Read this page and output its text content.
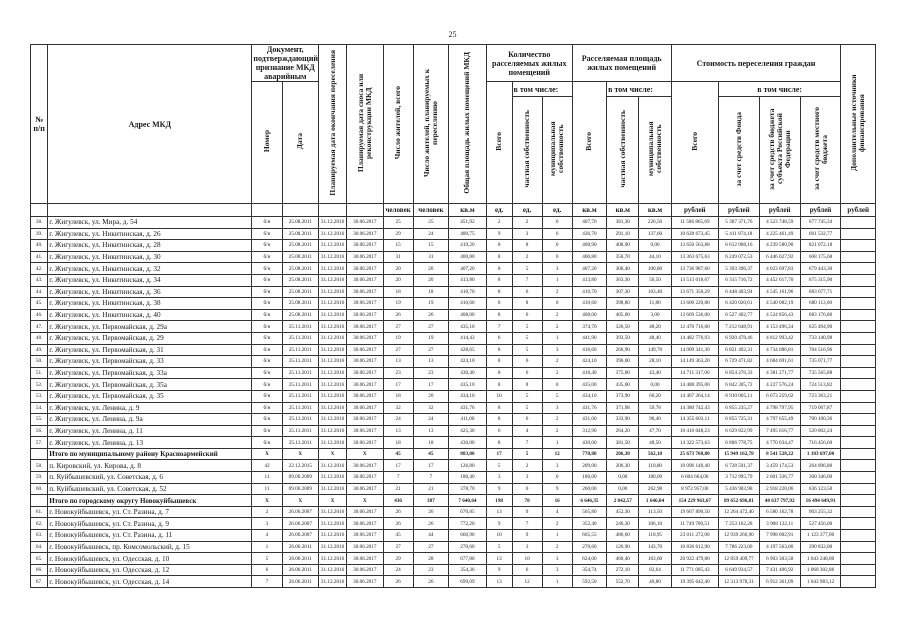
25
№ п/п	Адрес МКД	Документ, подтверждающий признание МКД аварийным		Планируемая дата окончания переселения	Планируемая дата сноса или реконструкции МКД	Число жителей, всего	Число жителей, планируемых к переселению	Общая площадь жилых помещений МКД	Количество расселяемых жилых помещений			Расселяемая площадь жилых помещений			Стоимость переселения граждан				Дополнительные источники финансирования
		Номер	Дата						Всего	в том числе:		Всего	в том числе:		Всего	в том числе:			
										частная собственность	муниципальная собственность		частная собственность	муниципальная собственность		за счет средств Фонда	за счет средств бюджета субъекта Российской Федерации	за счет средств местного бюджета	
						человек	человек	кв.м	ед.	ед.	ед.	кв.м	кв.м	кв.м	рублей	рублей	рублей	рублей	рублей
38.	г. Жигулевск, ул. Мира, д. 54	б/н	25.08.2011	31.12.2016	30.06.2017	25	25	451,92	2	2	0	407,70	381,30	226,50	11 586 865,69	5 387 371,76	4 523 748,59	677 745,34	
39.	г. Жигулевск, ул. Никитинская, д. 26	б/н	25.08.2011	31.12.2016	30.06.2017	29	24	480,75	9	3	6	436,70	291,10	137,60	10 628 673,45	5 411 874,18	4 225 461,49	601 532,77	
40.	г. Жигулевск, ул. Никитинская, д. 28	б/н	25.08.2011	31.12.2016	30.06.2017	15	15	419,20	8	8	0	408,90	408,90	0,00	13 650 563,88	6 612 908,16	4 239 580,90	821 072,18	
41.	г. Жигулевск, ул. Никитинская, д. 30	б/н	25.08.2011	31.12.2016	30.06.2017	31	31	400,80	8	2	6	400,80	356,70	44,10	13 363 675,63	6 249 072,53	6 446 027,92	668 175,68	
42.	г. Жигулевск, ул. Никитинская, д. 32	б/н	25.08.2011	31.12.2016	30.06.2017	20	20	407,20	8	5	3	407,20	306,40	100,80	13 736 987,60	5 393 396,37	4 023 697,83	679 443,30	
43.	г. Жигулевск, ул. Никитинская, д. 34	б/н	25.08.2011	31.12.2016	30.06.2017	20	20	413,80	8	7	1	413,80	363,30	50,50	13 513 018,67	6 315 716,72	4 452 617,70	675 315,90	
44.	г. Жигулевск, ул. Никитинская, д. 36	б/н	25.08.2011	31.12.2016	30.06.2017	18	18	410,70	8	6	2	410,70	307,30	103,40	13 671 356,29	6 448 403,94	4 545 161,96	683 677,71	
45.	г. Жигулевск, ул. Никитинская, д. 38	б/н	25.08.2011	31.12.2016	30.06.2017	19	19	410,60	8	8	0	410,60	398,80	11,80	13 600 220,80	6 420 020,61	4 540 082,19	680 113,60	
46.	г. Жигулевск, ул. Никитинская, д. 40	б/н	25.08.2011	31.12.2016	30.06.2017	26	26	408,00	8	6	2	408,00	405,00	3,00	13 669 536,00	6 527 402,77	4 524 856,43	683 176,80	
47.	г. Жигулевск, ул. Первомайская, д. 29а	б/н	25.11.2011	31.12.2016	30.06.2017	27	27	435,10	7	5	2	374,70	326,50	48,20	12 470 716,00	7 212 648,91	4 153 496,24	625 494,90	
48.	г. Жигулевск, ул. Первомайская, д. 29	б/н	25.11.2011	31.12.2016	30.06.2017	19	19	414,43	6	5	1	441,90	393,50	48,40	14 482 776,93	6 920 478,46	4 812 993,42	733 140,98	
49.	г. Жигулевск, ул. Первомайская, д. 31	б/н	25.11.2011	31.12.2016	30.06.2017	27	27	428,65	8	5	3	416,60	266,90	149,70	14 009 341,30	6 821 492,31	4 734 086,81	704 516,96	
50.	г. Жигулевск, ул. Первомайская, д. 33	б/н	25.11.2011	31.12.2016	30.06.2017	13	13	424,10	8	6	2	424,10	396,00	28,10	14 149 363,20	6 729 471,82	4 684 691,61	735 071,77	
51.	г. Жигулевск, ул. Первомайская, д. 33а	б/н	25.11.2011	31.12.2016	30.06.2017	23	23	430,40	8	6	2	418,40	375,00	43,40	14 711 317,00	6 854 276,33	4 381 271,77	735 565,88	
52.	г. Жигулевск, ул. Первомайская, д. 35а	б/н	25.11.2011	31.12.2016	30.06.2017	17	17	435,10	8	8	0	435,00	435,00	0,00	14 488 395,00	6 842 305,72	4 227 576,24	724 513,82	
53.	г. Жигулевск, ул. Первомайская, д. 35	б/н	25.11.2011	31.12.2016	30.06.2017	18	20	434,10	10	5	5	434,10	373,90	60,20	14 467 264,14	6 910 005,11	6 673 259,62	723 363,21	
54.	г. Жигулевск, ул. Ленина, д. 9	б/н	25.11.2011	31.12.2016	30.06.2017	32	32	431,76	8	5	3	431,76	371,98	59,78	14 380 742,43	6 855 235,27	4 798 797,95	719 067,87	
55.	г. Жигулевск, ул. Ленина, д. 9а	б/н	25.11.2011	31.12.2016	30.06.2017	24	24	411,00	8	6	2	431,00	333,90	96,40	14 355 603,11	6 855 725,31	4 797 655,49	700 100,36	
56.	г. Жигулевск, ул. Ленина, д. 11	б/н	25.11.2011	31.12.2016	30.06.2017	13	13	425,30	6	4	2	312,90	264,20	47,70	10 416 048,23	6 629 822,99	7 495 616,77	520 802,24	
57.	г. Жигулевск, ул. Ленина, д. 13	б/н	25.11.2011	31.12.2016	30.06.2017	18	18	430,00	8	7	1	430,00	381,50	48,50	14 322 573,63	6 806 778,75	4 770 034,47	716 456,60	
	Итого по муниципальному району Красноармейский	X	X	X	X	45	45	883,00	17	5	12	770,80	206,30	562,10	25 673 760,80	15 949 162,78	8 541 528,22	1 183 697,00	
58.	п. Кировский, ул. Кирова, д. 8	42	22.12.2015	31.12.2016	30.06.2017	17	17	126,80	5	2	3	209,00	206,30	110,80	10 096 140,40	6 728 591,37	3 459 174,53	264 896,80	
59.	п. Куйбышевский, ул. Советская, д. 6	11	09.06.2009	31.12.2016	30.06.2017	7	7	180,40	3	3	0	180,00	0,00	180,00	6 604 664,00	3 712 995,79	2 601 336,77	300 346,00	
60.	п. Куйбышевский, ул. Советская, д. 52	11	09.06.2009	31.12.2016	30.06.2017	21	21	378,70	9	0	9	260,00	0,00	262,98	8 972 957,00	5 436 903,98	2 918 228,06	636 123,50	
	Итого по городскому округу Новокуйбышевск	X	X	X	X	436	387	7 640,64	198	78	16	6 646,35	2 042,57	1 646,04	154 229 963,67	89 652 696,81	48 637 797,92	16 494 649,91	
61.	г. Новокуйбышевск, ул. Ст. Разина, д. 7	2	26.06.2007	31.12.2016	30.06.2017	26	26	670,85	13	9	4	565,80	452,30	113,50	19 667 890,50	12 264 472,40	6 580 162,78	903 255,32	
62.	г. Новокуйбышевск, ул. Ст. Разина, д. 9	3	26.06.2007	31.12.2016	30.06.2017	26	26	772,20	9	7	2	352,40	246,30	106,10	11 749 700,51	7 253 162,28	3 908 132,11	527 456,00	
63.	г. Новокуйбышевск, ул. Ст. Разина, д. 11	4	26.06.2007	31.12.2016	30.06.2017	45	44	666,90	10	9	1	605,55	486,60	118,95	23 011 272,00	12 939 266,90	7 998 002,91	1 123 377,00	
64.	г. Новокуйбышевск, пр. Комсомольский, д. 15	1	26.06.2011	31.12.2016	30.06.2017	27	27	270,60	5	3	2	270,60	126,90	143,70	10 836 612,90	7 786 223,00	4 197 563,00	390 832,00	
65.	г. Новокуйбышевск, ул. Одесская, д. 10	5	26.06.2011	31.12.2016	30.06.2017	29	28	677,80	13	10	3	624,00	460,40	163,60	20 922 479,80	12 859 409,77	6 903 303,58	1 043 248,00	
66.	г. Новокуйбышевск, ул. Одесская, д. 12	6	26.06.2011	31.12.2016	30.06.2017	24	23	354,36	9	6	3	354,74	272,10	82,64	11 771 005,43	6 649 934,57	7 431 406,92	1 060 302,86	
67.	г. Новокуйбышевск, ул. Одесская, д. 14	7	26.06.2011	31.12.2016	30.06.2017	26	26	699,09	13	12	1	592,50	552,70	40,80	19 395 642,40	12 313 978,31	6 912 361,09	1 043 983,12	
